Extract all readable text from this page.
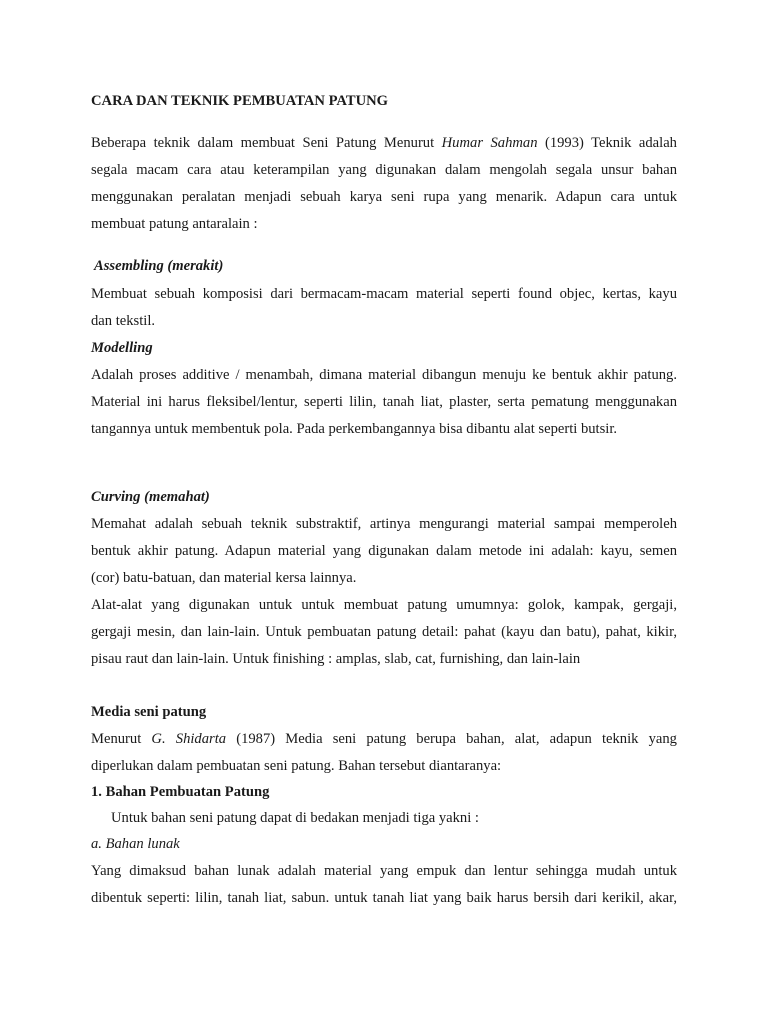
CARA DAN TEKNIK PEMBUATAN PATUNG
Beberapa teknik dalam membuat Seni Patung Menurut Humar Sahman (1993) Teknik adalah
segala macam cara atau keterampilan yang digunakan dalam mengolah segala unsur bahan
menggunakan peralatan menjadi sebuah karya seni rupa yang menarik. Adapun cara untuk
membuat patung antaralain :
Assembling (merakit)
Membuat sebuah komposisi dari bermacam-macam material seperti found objec, kertas, kayu
dan tekstil.
Modelling
Adalah proses additive / menambah, dimana material dibangun menuju ke bentuk akhir patung.
Material ini harus fleksibel/lentur, seperti lilin, tanah liat, plaster, serta pematung menggunakan
tangannya untuk membentuk pola. Pada perkembangannya bisa dibantu alat seperti butsir.
Curving (memahat)
Memahat adalah sebuah teknik substraktif, artinya mengurangi material sampai memperoleh
bentuk akhir patung. Adapun material yang digunakan dalam metode ini adalah: kayu, semen
(cor) batu-batuan, dan material kersa lainnya.
Alat-alat yang digunakan untuk untuk membuat patung umumnya: golok, kampak, gergaji,
gergaji mesin, dan lain-lain. Untuk pembuatan patung detail: pahat (kayu dan batu), pahat, kikir,
pisau raut dan lain-lain. Untuk finishing : amplas, slab, cat, furnishing, dan lain-lain
Media seni patung
Menurut G. Shidarta (1987) Media seni patung berupa bahan, alat, adapun teknik yang
diperlukan dalam pembuatan seni patung. Bahan tersebut diantaranya:
1. Bahan Pembuatan Patung
Untuk bahan seni patung dapat di bedakan menjadi tiga yakni :
a. Bahan lunak
Yang dimaksud bahan lunak adalah material yang empuk dan lentur sehingga mudah untuk
dibentuk seperti: lilin, tanah liat, sabun. untuk tanah liat yang baik harus bersih dari kerikil, akar,
